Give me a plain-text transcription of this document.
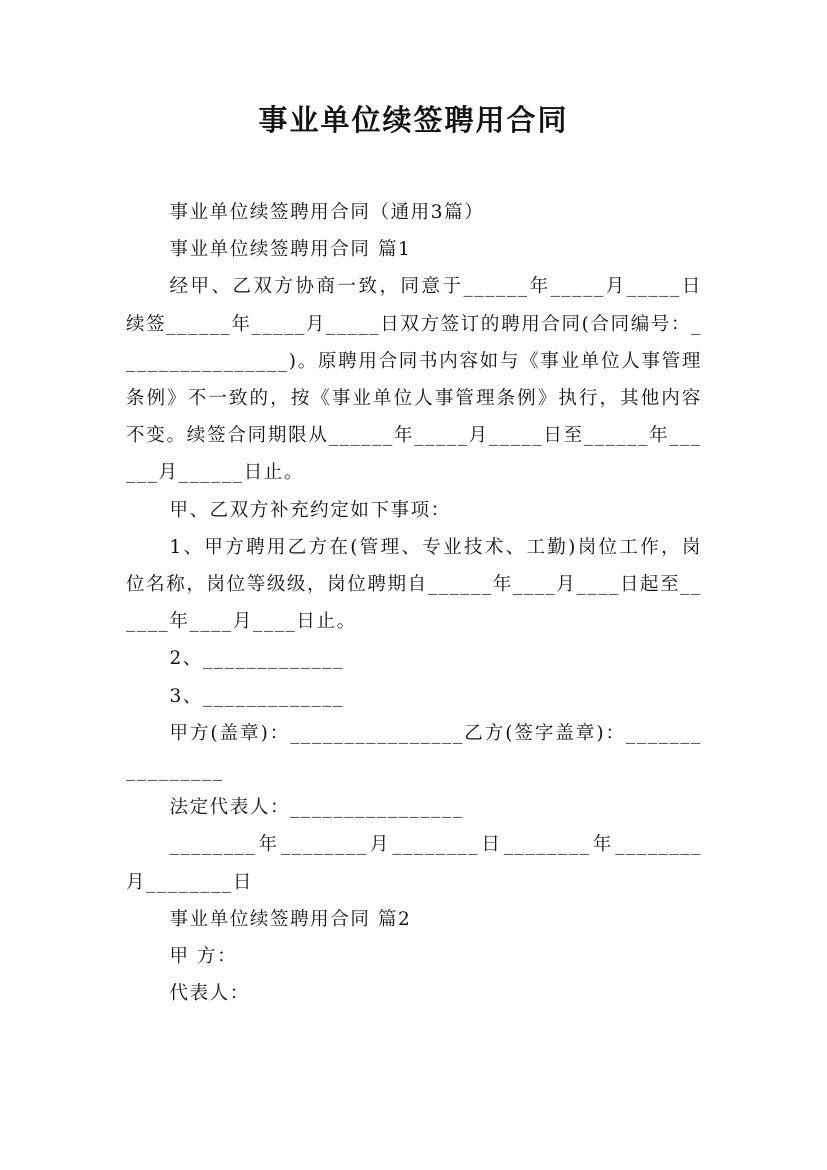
事业单位续签聘用合同

事业单位续签聘用合同（通用3篇）

事业单位续签聘用合同 篇1

经甲、乙双方协商一致，同意于______年_____月_____日续签______年_____月_____日双方签订的聘用合同(合同编号：________________)。原聘用合同书内容如与《事业单位人事管理条例》不一致的，按《事业单位人事管理条例》执行，其他内容不变。续签合同期限从______年_____月_____日至______年______月______日止。

甲、乙双方补充约定如下事项：

1、甲方聘用乙方在(管理、专业技术、工勤)岗位工作，岗位名称，岗位等级级，岗位聘期自______年____月____日起至______年____月____日止。

2、_____________

3、_____________

甲方(盖章)：________________乙方(签字盖章)：________________

法定代表人：________________

________年________月________日________年________月________日

事业单位续签聘用合同 篇2

甲 方：

代表人：
